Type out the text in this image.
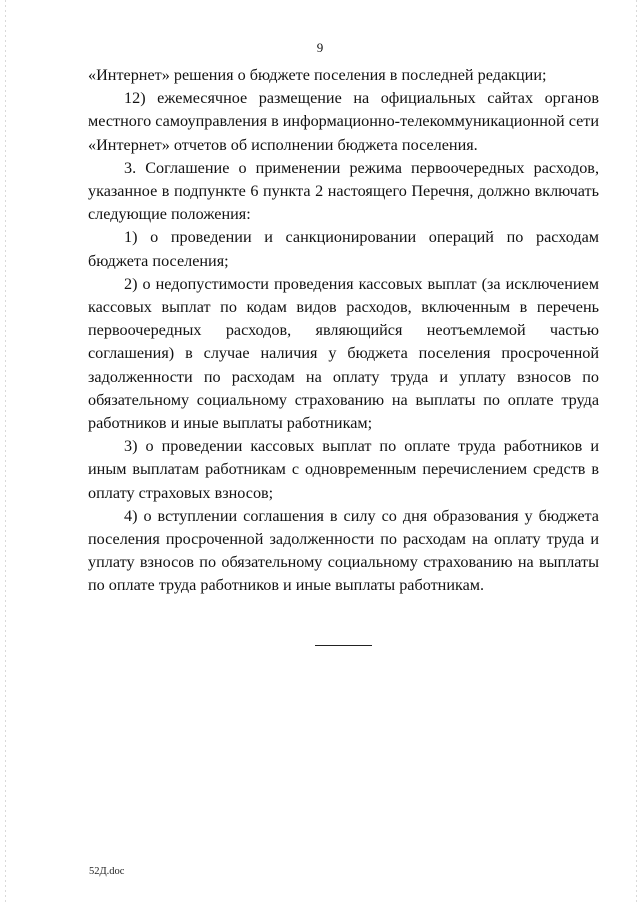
9

«Интернет» решения о бюджете поселения в последней редакции;

12) ежемесячное размещение на официальных сайтах органов местного самоуправления в информационно-телекоммуникационной сети «Интернет» отчетов об исполнении бюджета поселения.

3. Соглашение о применении режима первоочередных расходов, указанное в подпункте 6 пункта 2 настоящего Перечня, должно включать следующие положения:

1) о проведении и санкционировании операций по расходам бюджета поселения;

2) о недопустимости проведения кассовых выплат (за исключением кассовых выплат по кодам видов расходов, включенным в перечень первоочередных расходов, являющийся неотъемлемой частью соглашения) в случае наличия у бюджета поселения просроченной задолженности по расходам на оплату труда и уплату взносов по обязательному социальному страхованию на выплаты по оплате труда работников и иные выплаты работникам;

3) о проведении кассовых выплат по оплате труда работников и иным выплатам работникам с одновременным перечислением средств в оплату страховых взносов;

4) о вступлении соглашения в силу со дня образования у бюджета поселения просроченной задолженности по расходам на оплату труда и уплату взносов по обязательному социальному страхованию на выплаты по оплате труда работников и иные выплаты работникам.

52Д.doc
